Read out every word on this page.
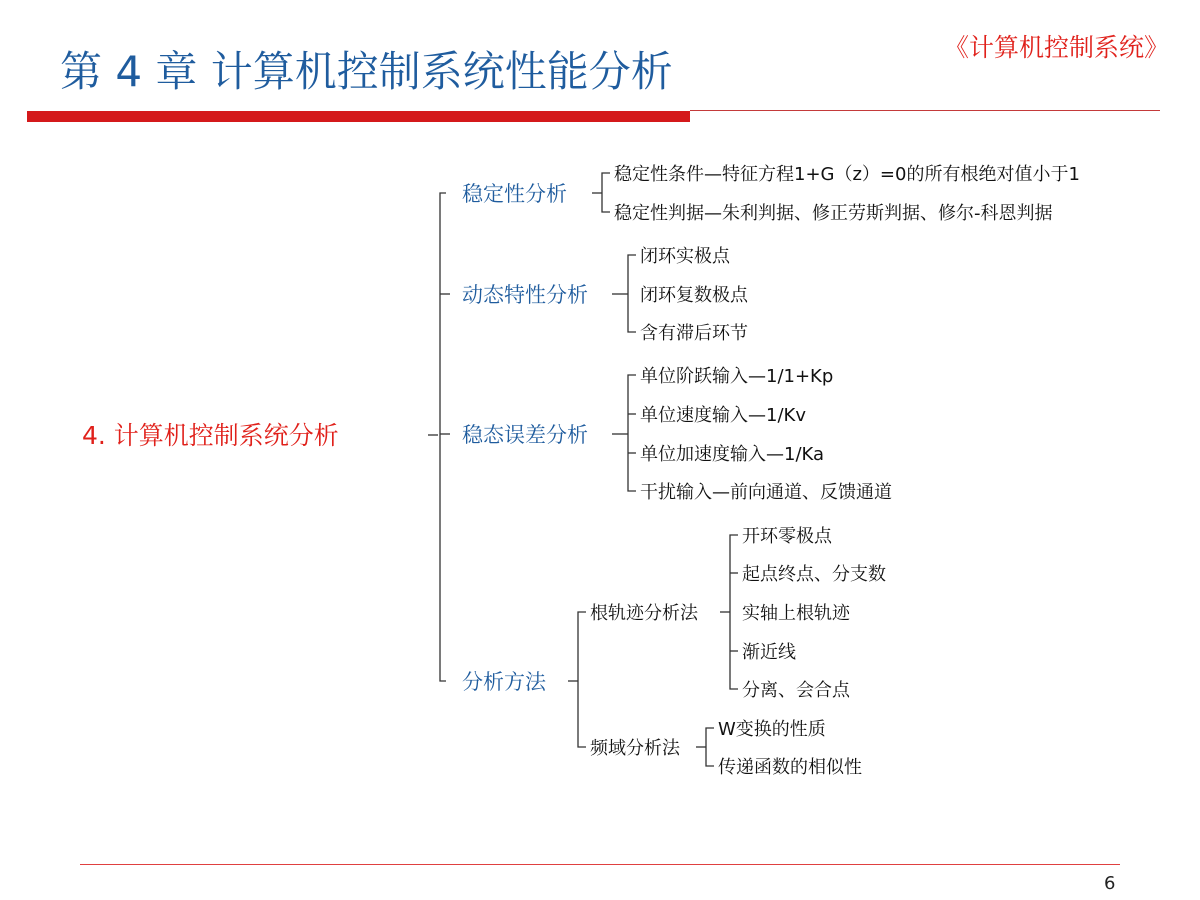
第 4 章 计算机控制系统性能分析	《计算机控制系统》
4. 计算机控制系统分析
稳定性分析
动态特性分析
稳态误差分析
分析方法
稳定性条件—特征方程1+G（z）=0的所有根绝对值小于1
稳定性判据—朱利判据、修正劳斯判据、修尔-科恩判据
闭环实极点
闭环复数极点
含有滞后环节
单位阶跃输入—1/1+Kp
单位速度输入—1/Kv
单位加速度输入—1/Ka
干扰输入—前向通道、反馈通道
根轨迹分析法
频域分析法
开环零极点
起点终点、分支数
实轴上根轨迹
渐近线
分离、会合点
W变换的性质
传递函数的相似性
6
